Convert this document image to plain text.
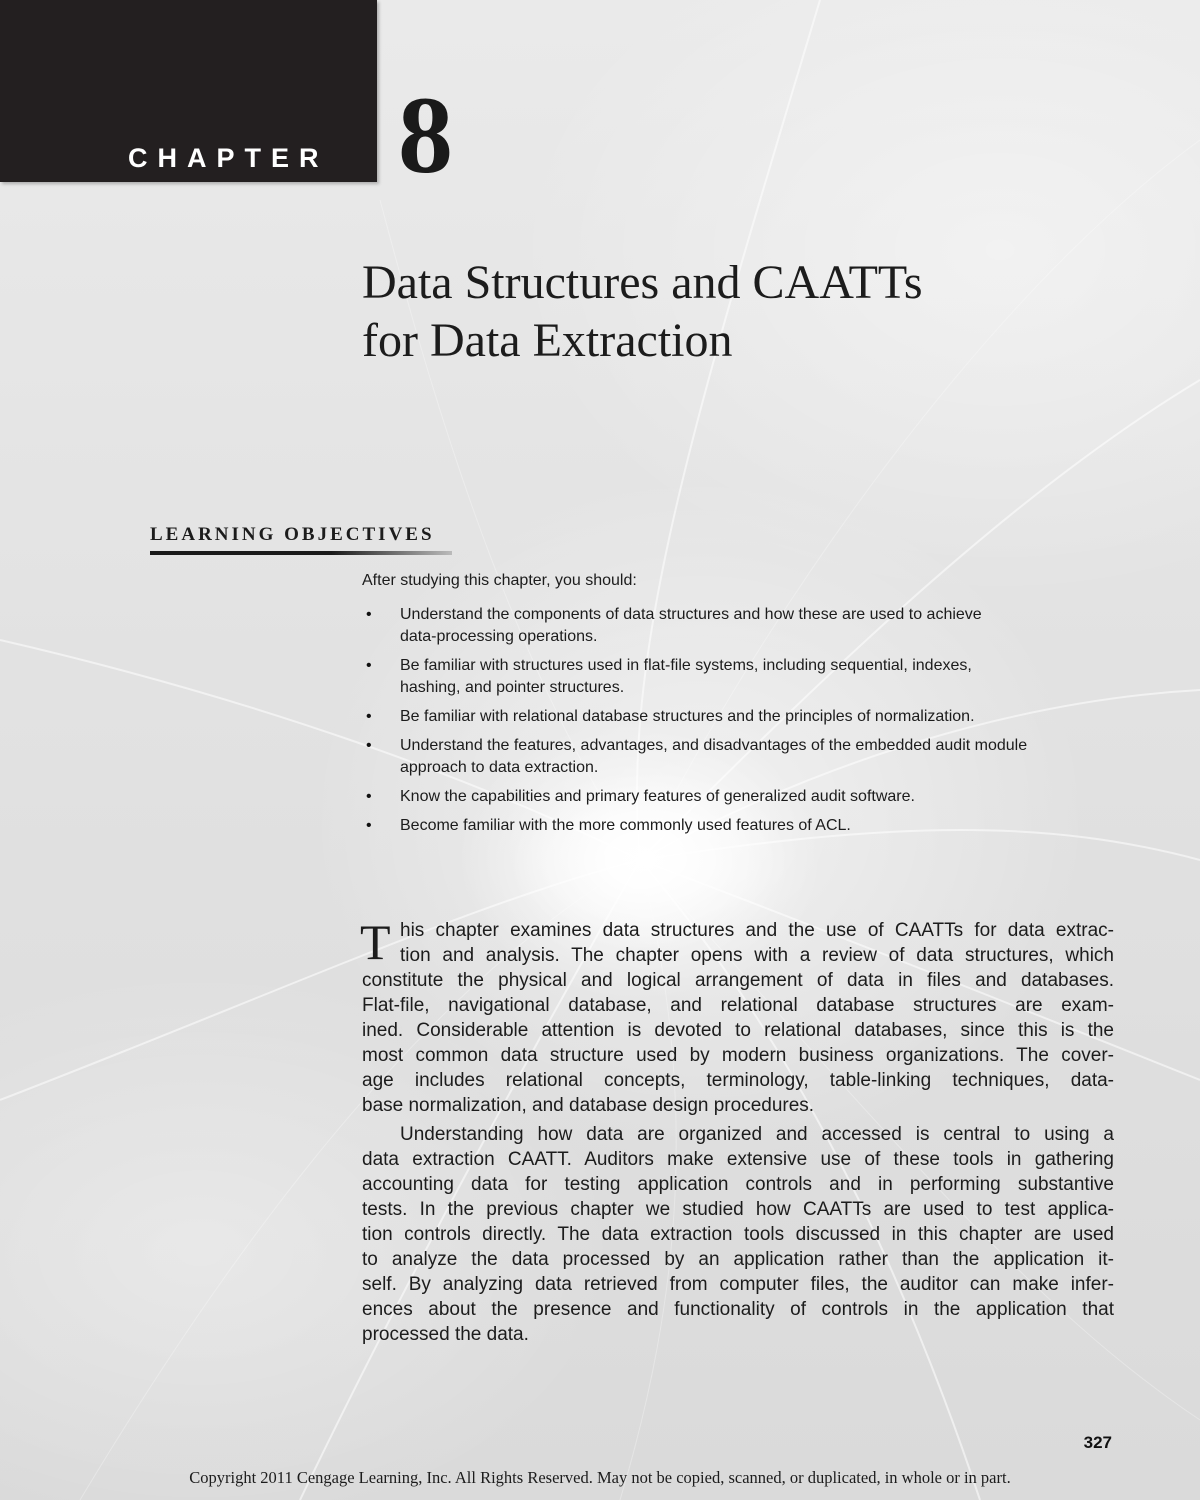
CHAPTER 8
Data Structures and CAATTs
for Data Extraction
LEARNING OBJECTIVES
After studying this chapter, you should:
• Understand the components of data structures and how these are used to achieve
data-processing operations.
• Be familiar with structures used in flat-file systems, including sequential, indexes,
hashing, and pointer structures.
• Be familiar with relational database structures and the principles of normalization.
• Understand the features, advantages, and disadvantages of the embedded audit module
approach to data extraction.
• Know the capabilities and primary features of generalized audit software.
• Become familiar with the more commonly used features of ACL.
T his chapter examines data structures and the use of CAATTs for data extrac-
tion and analysis. The chapter opens with a review of data structures, which
constitute the physical and logical arrangement of data in files and databases.
Flat-file, navigational database, and relational database structures are exam-
ined. Considerable attention is devoted to relational databases, since this is the
most common data structure used by modern business organizations. The cover-
age includes relational concepts, terminology, table-linking techniques, data-
base normalization, and database design procedures.
Understanding how data are organized and accessed is central to using a
data extraction CAATT. Auditors make extensive use of these tools in gathering
accounting data for testing application controls and in performing substantive
tests. In the previous chapter we studied how CAATTs are used to test applica-
tion controls directly. The data extraction tools discussed in this chapter are used
to analyze the data processed by an application rather than the application it-
self. By analyzing data retrieved from computer files, the auditor can make infer-
ences about the presence and functionality of controls in the application that
processed the data.
327
Copyright 2011 Cengage Learning, Inc. All Rights Reserved. May not be copied, scanned, or duplicated, in whole or in part.
